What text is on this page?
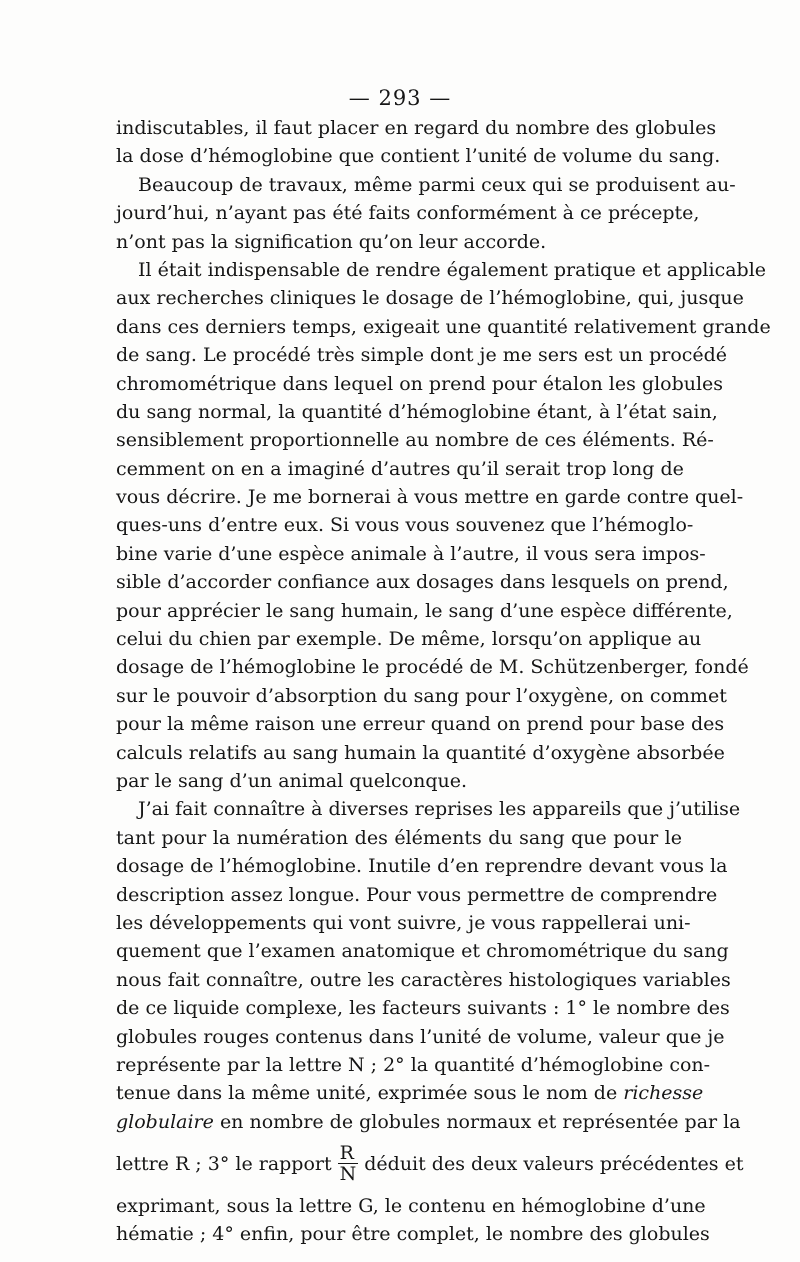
— 293 —
indiscutables, il faut placer en regard du nombre des globules
la dose d’hémoglobine que contient l’unité de volume du sang.
Beaucoup de travaux, même parmi ceux qui se produisent au-
jourd’hui, n’ayant pas été faits conformément à ce précepte,
n’ont pas la signification qu’on leur accorde.
Il était indispensable de rendre également pratique et applicable
aux recherches cliniques le dosage de l’hémoglobine, qui, jusque
dans ces derniers temps, exigeait une quantité relativement grande
de sang. Le procédé très simple dont je me sers est un procédé
chromométrique dans lequel on prend pour étalon les globules
du sang normal, la quantité d’hémoglobine étant, à l’état sain,
sensiblement proportionnelle au nombre de ces éléments. Ré-
cemment on en a imaginé d’autres qu’il serait trop long de
vous décrire. Je me bornerai à vous mettre en garde contre quel-
ques-uns d’entre eux. Si vous vous souvenez que l’hémoglo-
bine varie d’une espèce animale à l’autre, il vous sera impos-
sible d’accorder confiance aux dosages dans lesquels on prend,
pour apprécier le sang humain, le sang d’une espèce différente,
celui du chien par exemple. De même, lorsqu’on applique au
dosage de l’hémoglobine le procédé de M. Schützenberger, fondé
sur le pouvoir d’absorption du sang pour l’oxygène, on commet
pour la même raison une erreur quand on prend pour base des
calculs relatifs au sang humain la quantité d’oxygène absorbée
par le sang d’un animal quelconque.
J’ai fait connaître à diverses reprises les appareils que j’utilise
tant pour la numération des éléments du sang que pour le
dosage de l’hémoglobine. Inutile d’en reprendre devant vous la
description assez longue. Pour vous permettre de comprendre
les développements qui vont suivre, je vous rappellerai uni-
quement que l’examen anatomique et chromométrique du sang
nous fait connaître, outre les caractères histologiques variables
de ce liquide complexe, les facteurs suivants : 1° le nombre des
globules rouges contenus dans l’unité de volume, valeur que je
représente par la lettre N ; 2° la quantité d’hémoglobine con-
tenue dans la même unité, exprimée sous le nom de richesse
globulaire en nombre de globules normaux et représentée par la
lettre R ; 3° le rapport $\frac{R}{N}$ déduit des deux valeurs précédentes et
exprimant, sous la lettre G, le contenu en hémoglobine d’une
hématie ; 4° enfin, pour être complet, le nombre des globules
